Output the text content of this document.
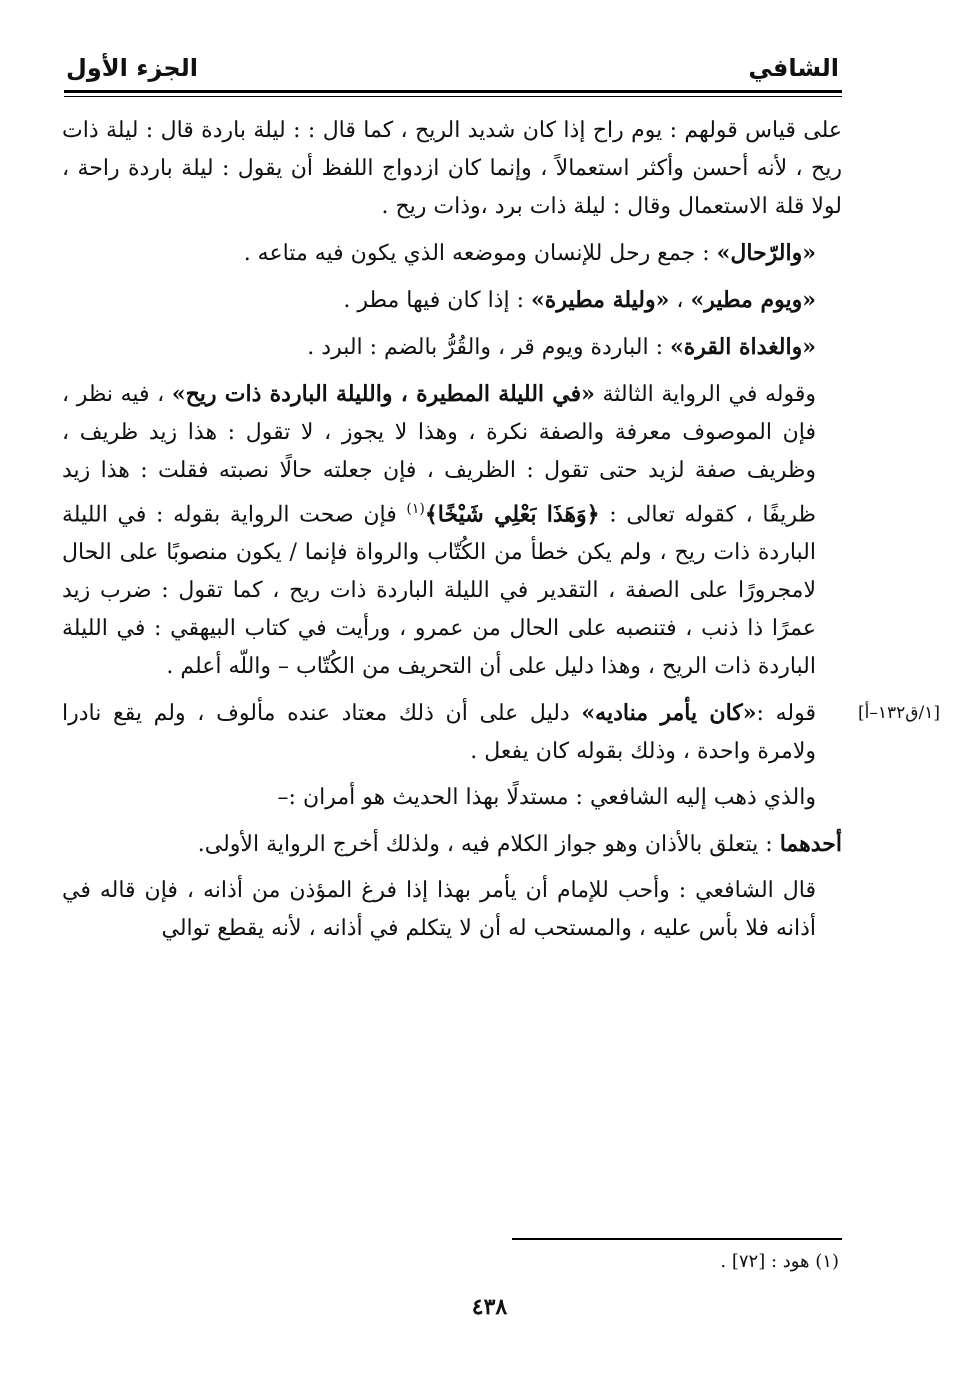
الشافي
الجزء الأول

على قياس قولهم : يوم راح إذا كان شديد الريح ، كما قال : : ليلة باردة قال : ليلة ذات ريح ، لأنه أحسن وأكثر استعمالاً ، وإنما كان ازدواج اللفظ أن يقول : ليلة باردة راحة ، لولا قلة الاستعمال وقال : ليلة ذات برد ،وذات ريح .

«والرّحال» : جمع رحل للإنسان وموضعه الذي يكون فيه متاعه .

«ويوم مطير» ، «وليلة مطيرة» : إذا كان فيها مطر .

«والغداة القرة» : الباردة ويوم قر ، والقُرُّ بالضم : البرد .

وقوله في الرواية الثالثة «في الليلة المطيرة ، والليلة الباردة ذات ريح» ، فيه نظر ، فإن الموصوف معرفة والصفة نكرة ، وهذا لا يجوز ، لا تقول : هذا زيد ظريف ، وظريف صفة لزيد حتى تقول : الظريف ، فإن جعلته حالًا نصبته فقلت : هذا زيد ظريفًا ، كقوله تعالى : ﴿وَهَذَا بَعْلِي شَيْخًا﴾$^{(١)}$ فإن صحت الرواية بقوله : في الليلة الباردة ذات ريح ، ولم يكن خطأ من الكُتّاب والرواة فإنما / يكون منصوبًا على الحال لامجرورًا على الصفة ، التقدير في الليلة الباردة ذات ريح ، كما تقول : ضرب زيد عمرًا ذا ذنب ، فتنصبه على الحال من عمرو ، ورأيت في كتاب البيهقي : في الليلة الباردة ذات الريح ، وهذا دليل على أن التحريف من الكُتّاب – واللّه أعلم .

قوله :«كان يأمر مناديه» دليل على أن ذلك معتاد عنده مألوف ، ولم يقع نادرا ولامرة واحدة ، وذلك بقوله كان يفعل .

والذي ذهب إليه الشافعي : مستدلًا بهذا الحديث هو أمران :–

أحدهما : يتعلق بالأذان وهو جواز الكلام فيه ، ولذلك أخرج الرواية الأولى.

قال الشافعي : وأحب للإمام أن يأمر بهذا إذا فرغ المؤذن من أذانه ، فإن قاله في أذانه فلا بأس عليه ، والمستحب له أن لا يتكلم في أذانه ، لأنه يقطع توالي

[١/ق١٣٢–أ]
(١) هود : [٧٢] .
٤٣٨
